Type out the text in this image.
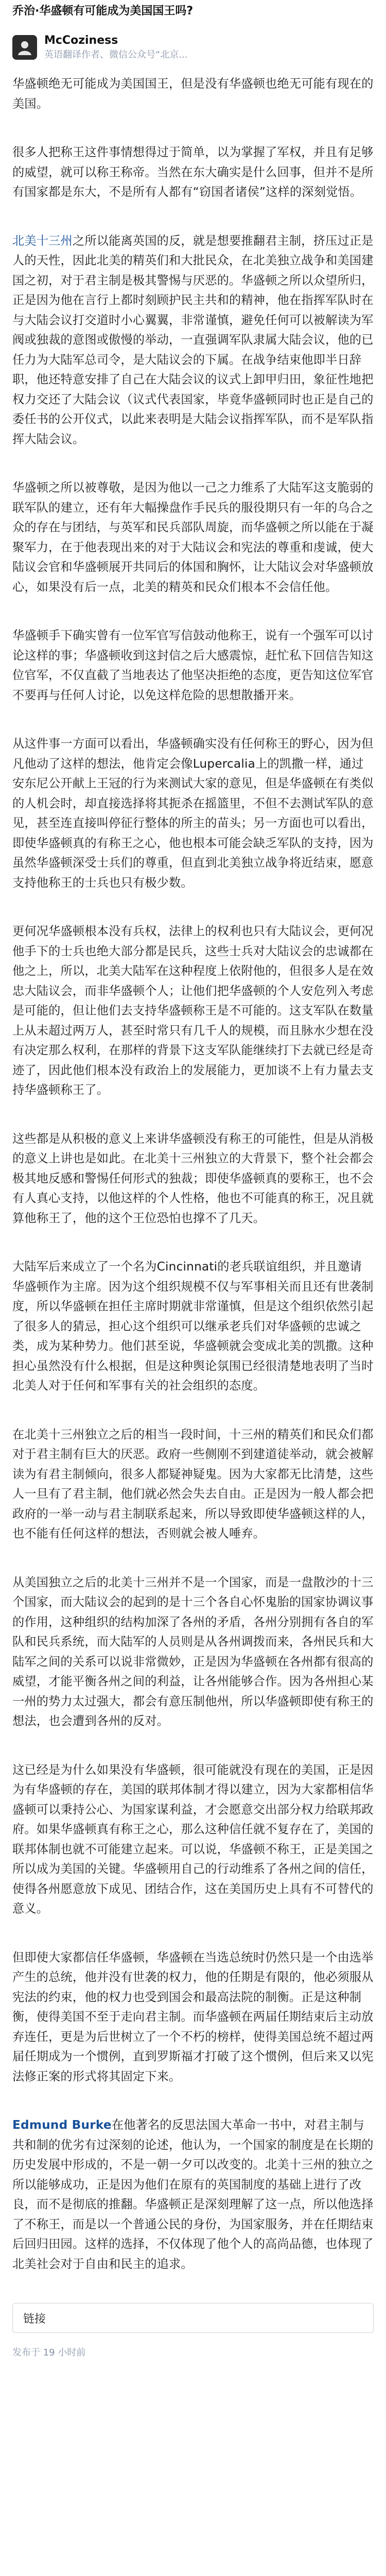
乔治·华盛顿有可能成为美国国王吗?
McCoziness
英语翻译作者、微信公众号“北京...

华盛顿绝无可能成为美国国王，但是没有华盛顿也绝无可能有现在的美国。

很多人把称王这件事情想得过于简单，以为掌握了军权，并且有足够的威望，就可以称王称帝。当然在东大确实是什么回事，但并不是所有国家都是东大，不是所有人都有“窃国者诸侯”这样的深刻觉悟。

北美十三州之所以能离英国的反，就是想要推翻君主制，挤压过正是人的天性，因此北美的精英们和大批民众，在北美独立战争和美国建国之初，对于君主制是极其警惕与厌恶的。华盛顿之所以众望所归，正是因为他在言行上都时刻顾护民主共和的精神，他在指挥军队时在与大陆会议打交道时小心翼翼，非常谨慎，避免任何可以被解读为军阀或独裁的意图或傲慢的举动，一直强调军队隶属大陆会议，他的已任力为大陆军总司令，是大陆议会的下属。在战争结束他即半日辞职，他还特意安排了自己在大陆会议的议式上卸甲归田，象征性地把权力交还了大陆会议（议式代表国家，毕竟华盛顿同时也正是自己的委任书的公开仪式，以此来表明是大陆会议指挥军队，而不是军队指挥大陆会议。

华盛顿之所以被尊敬，是因为他以一己之力维系了大陆军这支脆弱的联军队的建立，还有年大幅操盘作手民兵的服役期只有一年的乌合之众的存在与团结，与英军和民兵部队周旋，而华盛顿之所以能在于凝聚军力，在于他表现出来的对于大陆议会和宪法的尊重和虔诚，使大陆议会官和华盛顿展开共同后的体国和胸怀，让大陆议会对华盛顿放心，如果没有后一点，北美的精英和民众们根本不会信任他。

华盛顿手下确实曾有一位军官写信鼓动他称王，说有一个强军可以讨论这样的事；华盛顿收到这封信之后大感震惊，赶忙私下回信告知这位官军，不仅直截了当地表达了他坚决拒绝的态度，更告知这位军官不要再与任何人讨论，以免这样危险的思想散播开来。

从这件事一方面可以看出，华盛顿确实没有任何称王的野心，因为但凡他动了这样的想法，他肯定会像Lupercalia上的凯撒一样，通过安东尼公开献上王冠的行为来测试大家的意见，但是华盛顿在有类似的人机会时，却直接选择将其扼杀在摇篮里，不但不去测试军队的意见，甚至连直接叫停征行整体的所主的苗头；另一方面也可以看出，即使华盛顿真的有称王之心，他也根本可能会缺乏军队的支持，因为虽然华盛顿深受士兵们的尊重，但直到北美独立战争将近结束，愿意支持他称王的士兵也只有极少数。

更何况华盛顿根本没有兵权，法律上的权利也只有大陆议会，更何况他手下的士兵也绝大部分都是民兵，这些士兵对大陆议会的忠诚都在他之上，所以，北美大陆军在这种程度上依附他的，但很多人是在效忠大陆议会，而非华盛顿个人；让他们把华盛顿的个人安危列入考虑是可能的，但让他们去支持华盛顿称王是不可能的。这支军队在数量上从未超过两万人，甚至时常只有几千人的规模，而且脉水少想在没有决定那么权利，在那样的背景下这支军队能继续打下去就已经是奇迹了，因此他们根本没有政治上的发展能力，更加谈不上有力量去支持华盛顿称王了。

这些都是从积极的意义上来讲华盛顿没有称王的可能性，但是从消极的意义上讲也是如此。在北美十三州独立的大背景下，整个社会都会极其地反感和警惕任何形式的独裁；即使华盛顿真的要称王，也不会有人真心支持，以他这样的个人性格，他也不可能真的称王，况且就算他称王了，他的这个王位恐怕也撑不了几天。

大陆军后来成立了一个名为Cincinnati的老兵联谊组织，并且邀请华盛顿作为主席。因为这个组织规模不仅与军事相关而且还有世袭制度，所以华盛顿在担任主席时期就非常谨慎，但是这个组织依然引起了很多人的猜忌，担心这个组织可以继承老兵们对华盛顿的忠诚之类，成为某种势力。他们甚至说，华盛顿就会变成北美的凯撒。这种担心虽然没有什么根据，但是这种舆论氛围已经很清楚地表明了当时北美人对于任何和军事有关的社会组织的态度。

在北美十三州独立之后的相当一段时间，十三州的精英们和民众们都对于君主制有巨大的厌恶。政府一些侧刚不到建道徒举动，就会被解读为有君主制倾向，很多人都疑神疑鬼。因为大家都无比清楚，这些人一旦有了君主制，他们就必然会失去自由。正是因为一般人都会把政府的一举一动与君主制联系起来，所以导致即使华盛顿这样的人，也不能有任何这样的想法，否则就会被人唾弃。

从美国独立之后的北美十三州并不是一个国家，而是一盘散沙的十三个国家，而大陆议会的起到的是十三个各自心怀鬼胎的国家协调议事的作用，这种组织的结构加深了各州的矛盾，各州分别拥有各自的军队和民兵系统，而大陆军的人员则是从各州调拨而来，各州民兵和大陆军之间的关系可以说非常微妙，正是因为华盛顿在各州都有很高的威望，才能平衡各州之间的利益，让各州能够合作。因为各州担心某一州的势力太过强大，都会有意压制他州，所以华盛顿即使有称王的想法，也会遭到各州的反对。

这已经是为什么如果没有华盛顿，很可能就没有现在的美国，正是因为有华盛顿的存在，美国的联邦体制才得以建立，因为大家都相信华盛顿可以秉持公心、为国家谋利益，才会愿意交出部分权力给联邦政府。如果华盛顿真有称王之心，那么这种信任就不复存在了，美国的联邦体制也就不可能建立起来。可以说，华盛顿不称王，正是美国之所以成为美国的关键。华盛顿用自己的行动维系了各州之间的信任，使得各州愿意放下成见、团结合作，这在美国历史上具有不可替代的意义。

但即使大家都信任华盛顿，华盛顿在当选总统时仍然只是一个由选举产生的总统，他并没有世袭的权力，他的任期是有限的，他必须服从宪法的约束，他的权力也受到国会和最高法院的制衡。正是这种制衡，使得美国不至于走向君主制。而华盛顿在两届任期结束后主动放弃连任，更是为后世树立了一个不朽的榜样，使得美国总统不超过两届任期成为一个惯例，直到罗斯福才打破了这个惯例，但后来又以宪法修正案的形式将其固定下来。

Edmund Burke在他著名的反思法国大革命一书中，对君主制与共和制的优劣有过深刻的论述，他认为，一个国家的制度是在长期的历史发展中形成的，不是一朝一夕可以改变的。北美十三州的独立之所以能够成功，正是因为他们在原有的英国制度的基础上进行了改良，而不是彻底的推翻。华盛顿正是深刻理解了这一点，所以他选择了不称王，而是以一个普通公民的身份，为国家服务，并在任期结束后回归田园。这样的选择，不仅体现了他个人的高尚品德，也体现了北美社会对于自由和民主的追求。

链接
发布于 19 小时前
